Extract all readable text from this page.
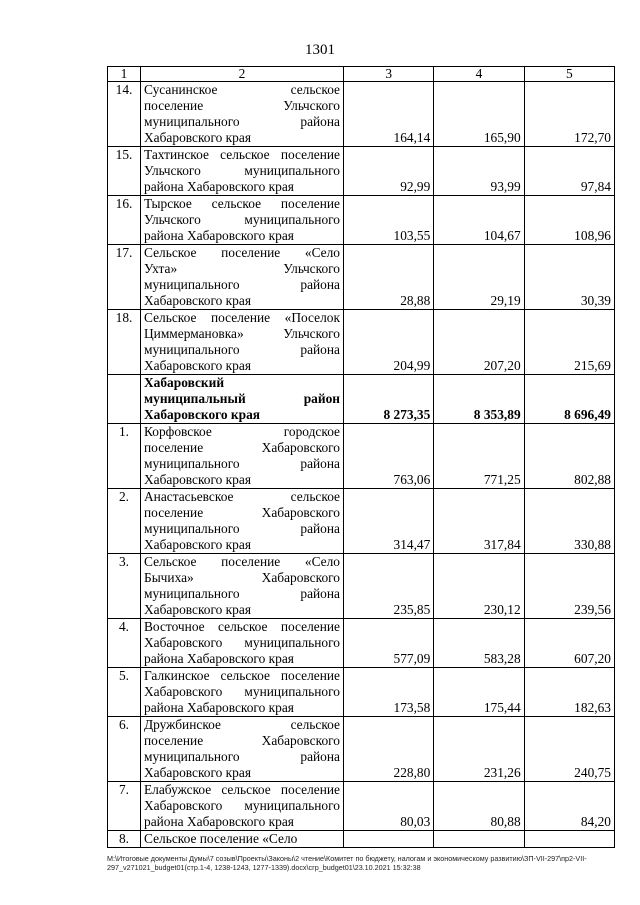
1301
1	2	3	4	5
14.	Сусанинское сельское
поселение Ульчского
муниципального района
Хабаровского края	164,14	165,90	172,70
15.	Тахтинское сельское поселение
Ульчского муниципального
района Хабаровского края	92,99	93,99	97,84
16.	Тырское сельское поселение
Ульчского муниципального
района Хабаровского края	103,55	104,67	108,96
17.	Сельское поселение «Село
Ухта» Ульчского
муниципального района
Хабаровского края	28,88	29,19	30,39
18.	Сельское поселение «Поселок
Циммермановка» Ульчского
муниципального района
Хабаровского края	204,99	207,20	215,69

	Хабаровский
муниципальный район
Хабаровского края	8 273,35	8 353,89	8 696,49
1.	Корфовское городское
поселение Хабаровского
муниципального района
Хабаровского края	763,06	771,25	802,88
2.	Анастасьевское сельское
поселение Хабаровского
муниципального района
Хабаровского края	314,47	317,84	330,88
3.	Сельское поселение «Село
Бычиха» Хабаровского
муниципального района
Хабаровского края	235,85	230,12	239,56
4.	Восточное сельское поселение
Хабаровского муниципального
района Хабаровского края	577,09	583,28	607,20
5.	Галкинское сельское поселение
Хабаровского муниципального
района Хабаровского края	173,58	175,44	182,63
6.	Дружбинское сельское
поселение Хабаровского
муниципального района
Хабаровского края	228,80	231,26	240,75
7.	Елабужское сельское поселение
Хабаровского муниципального
района Хабаровского края	80,03	80,88	84,20
8.	Сельское поселение «Село			

М:\Итоговые документы Думы\7 созыв\Проекты\Законы\2 чтение\Комитет по бюджету, налогам и экономическому развитию\ЗП-VII-297\пр2-VII-297_v271021_budget01(стр.1-4, 1238-1243, 1277-1339).docx\сгр_budget01\23.10.2021 15:32:38
